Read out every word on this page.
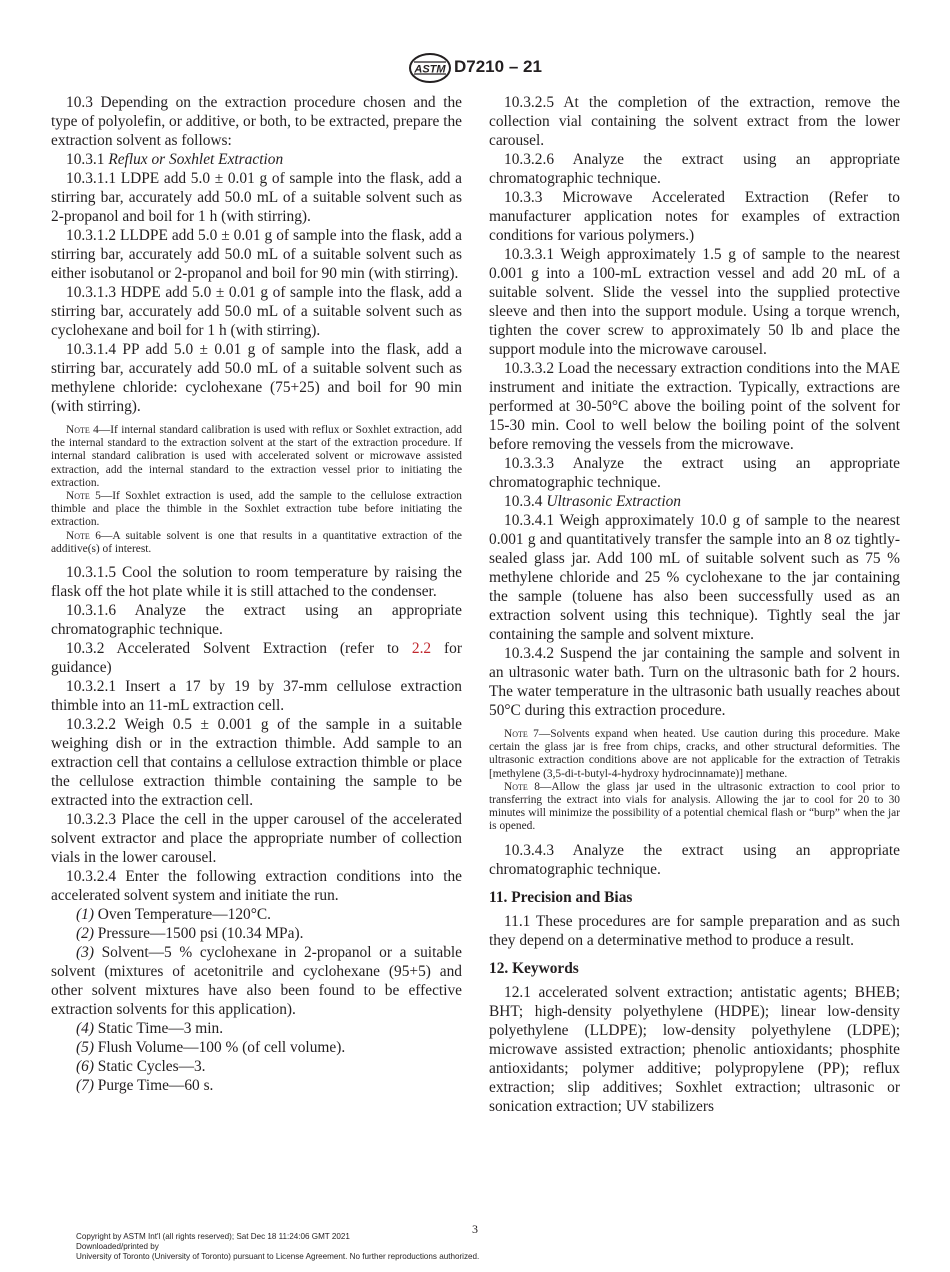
ASTM D7210 – 21

10.3 Depending on the extraction procedure chosen and the type of polyolefin, or additive, or both, to be extracted, prepare the extraction solvent as follows:

10.3.1 Reflux or Soxhlet Extraction

10.3.1.1 LDPE add 5.0 ± 0.01 g of sample into the flask, add a stirring bar, accurately add 50.0 mL of a suitable solvent such as 2-propanol and boil for 1 h (with stirring).

10.3.1.2 LLDPE add 5.0 ± 0.01 g of sample into the flask, add a stirring bar, accurately add 50.0 mL of a suitable solvent such as either isobutanol or 2-propanol and boil for 90 min (with stirring).

10.3.1.3 HDPE add 5.0 ± 0.01 g of sample into the flask, add a stirring bar, accurately add 50.0 mL of a suitable solvent such as cyclohexane and boil for 1 h (with stirring).

10.3.1.4 PP add 5.0 ± 0.01 g of sample into the flask, add a stirring bar, accurately add 50.0 mL of a suitable solvent such as methylene chloride: cyclohexane (75+25) and boil for 90 min (with stirring).

Note 4—If internal standard calibration is used with reflux or Soxhlet extraction, add the internal standard to the extraction solvent at the start of the extraction procedure. If internal standard calibration is used with accelerated solvent or microwave assisted extraction, add the internal standard to the extraction vessel prior to initiating the extraction.

Note 5—If Soxhlet extraction is used, add the sample to the cellulose extraction thimble and place the thimble in the Soxhlet extraction tube before initiating the extraction.

Note 6—A suitable solvent is one that results in a quantitative extraction of the additive(s) of interest.

10.3.1.5 Cool the solution to room temperature by raising the flask off the hot plate while it is still attached to the condenser.

10.3.1.6 Analyze the extract using an appropriate chromatographic technique.

10.3.2 Accelerated Solvent Extraction (refer to 2.2 for guidance)

10.3.2.1 Insert a 17 by 19 by 37-mm cellulose extraction thimble into an 11-mL extraction cell.

10.3.2.2 Weigh 0.5 ± 0.001 g of the sample in a suitable weighing dish or in the extraction thimble. Add sample to an extraction cell that contains a cellulose extraction thimble or place the cellulose extraction thimble containing the sample to be extracted into the extraction cell.

10.3.2.3 Place the cell in the upper carousel of the accelerated solvent extractor and place the appropriate number of collection vials in the lower carousel.

10.3.2.4 Enter the following extraction conditions into the accelerated solvent system and initiate the run.

(1) Oven Temperature—120°C.

(2) Pressure—1500 psi (10.34 MPa).

(3) Solvent—5 % cyclohexane in 2-propanol or a suitable solvent (mixtures of acetonitrile and cyclohexane (95+5) and other solvent mixtures have also been found to be effective extraction solvents for this application).

(4) Static Time—3 min.

(5) Flush Volume—100 % (of cell volume).

(6) Static Cycles—3.

(7) Purge Time—60 s.

10.3.2.5 At the completion of the extraction, remove the collection vial containing the solvent extract from the lower carousel.

10.3.2.6 Analyze the extract using an appropriate chromatographic technique.

10.3.3 Microwave Accelerated Extraction (Refer to manufacturer application notes for examples of extraction conditions for various polymers.)

10.3.3.1 Weigh approximately 1.5 g of sample to the nearest 0.001 g into a 100-mL extraction vessel and add 20 mL of a suitable solvent. Slide the vessel into the supplied protective sleeve and then into the support module. Using a torque wrench, tighten the cover screw to approximately 50 lb and place the support module into the microwave carousel.

10.3.3.2 Load the necessary extraction conditions into the MAE instrument and initiate the extraction. Typically, extractions are performed at 30-50°C above the boiling point of the solvent for 15-30 min. Cool to well below the boiling point of the solvent before removing the vessels from the microwave.

10.3.3.3 Analyze the extract using an appropriate chromatographic technique.

10.3.4 Ultrasonic Extraction

10.3.4.1 Weigh approximately 10.0 g of sample to the nearest 0.001 g and quantitatively transfer the sample into an 8 oz tightly-sealed glass jar. Add 100 mL of suitable solvent such as 75 % methylene chloride and 25 % cyclohexane to the jar containing the sample (toluene has also been successfully used as an extraction solvent using this technique). Tightly seal the jar containing the sample and solvent mixture.

10.3.4.2 Suspend the jar containing the sample and solvent in an ultrasonic water bath. Turn on the ultrasonic bath for 2 hours. The water temperature in the ultrasonic bath usually reaches about 50°C during this extraction procedure.

Note 7—Solvents expand when heated. Use caution during this procedure. Make certain the glass jar is free from chips, cracks, and other structural deformities. The ultrasonic extraction conditions above are not applicable for the extraction of Tetrakis [methylene (3,5-di-t-butyl-4-hydroxy hydrocinnamate)] methane.

Note 8—Allow the glass jar used in the ultrasonic extraction to cool prior to transferring the extract into vials for analysis. Allowing the jar to cool for 20 to 30 minutes will minimize the possibility of a potential chemical flash or “burp” when the jar is opened.

10.3.4.3 Analyze the extract using an appropriate chromatographic technique.

11. Precision and Bias

11.1 These procedures are for sample preparation and as such they depend on a determinative method to produce a result.

12. Keywords

12.1 accelerated solvent extraction; antistatic agents; BHEB; BHT; high-density polyethylene (HDPE); linear low-density polyethylene (LLDPE); low-density polyethylene (LDPE); microwave assisted extraction; phenolic antioxidants; phosphite antioxidants; polymer additive; polypropylene (PP); reflux extraction; slip additives; Soxhlet extraction; ultrasonic or sonication extraction; UV stabilizers

3
Copyright by ASTM Int'l (all rights reserved); Sat Dec 18 11:24:06 GMT 2021
Downloaded/printed by
University of Toronto (University of Toronto) pursuant to License Agreement. No further reproductions authorized.
